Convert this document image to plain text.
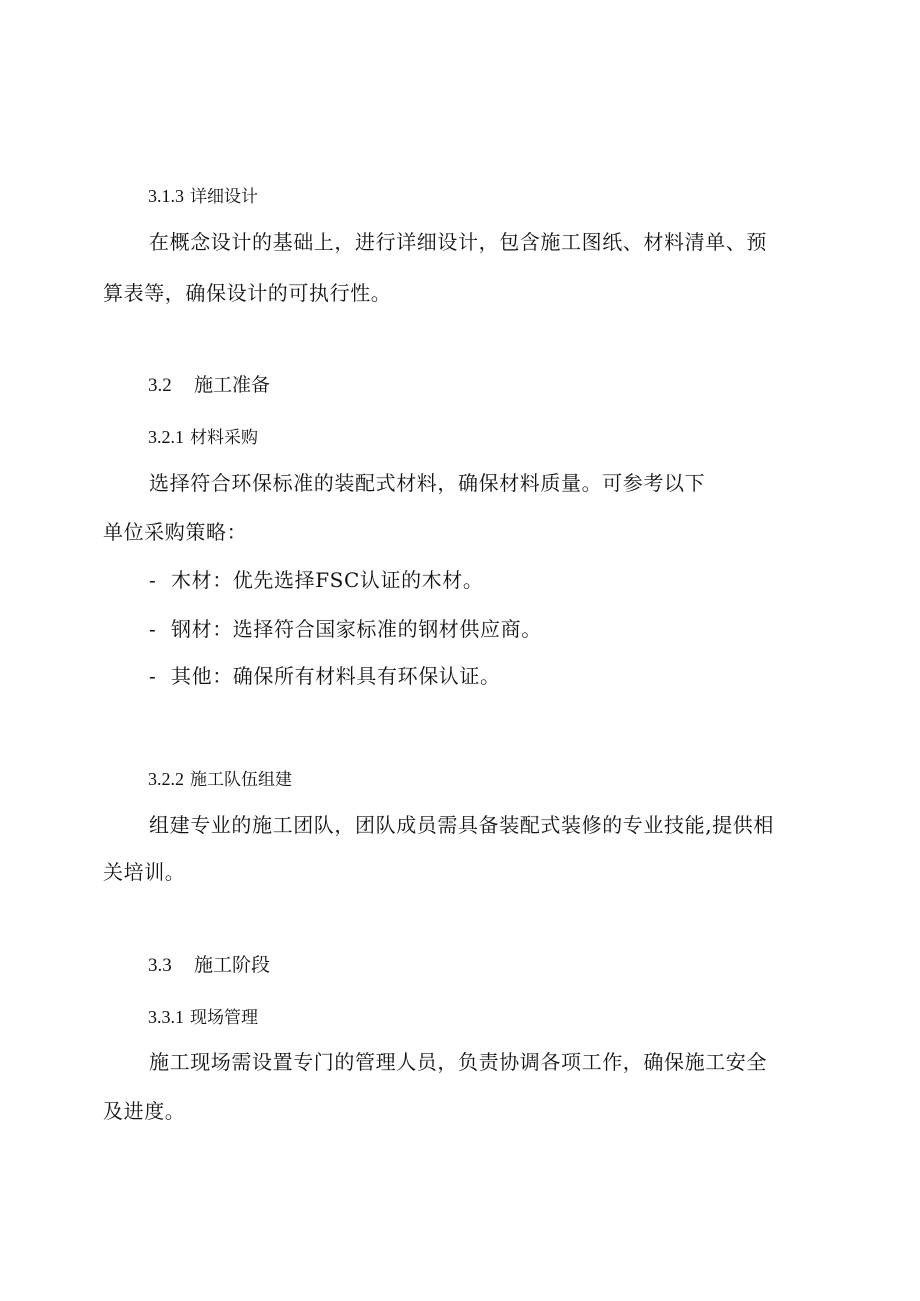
3.1.3 详细设计
在概念设计的基础上，进行详细设计，包含施工图纸、材料清单、预
算表等，确保设计的可执行性。
3.2 施工准备
3.2.1 材料采购
选择符合环保标准的装配式材料，确保材料质量。可参考以下
单位采购策略：
- 木材：优先选择FSC认证的木材。
- 钢材：选择符合国家标准的钢材供应商。
- 其他：确保所有材料具有环保认证。
3.2.2 施工队伍组建
组建专业的施工团队，团队成员需具备装配式装修的专业技能,提供相
关培训。
3.3 施工阶段
3.3.1 现场管理
施工现场需设置专门的管理人员，负责协调各项工作，确保施工安全
及进度。
